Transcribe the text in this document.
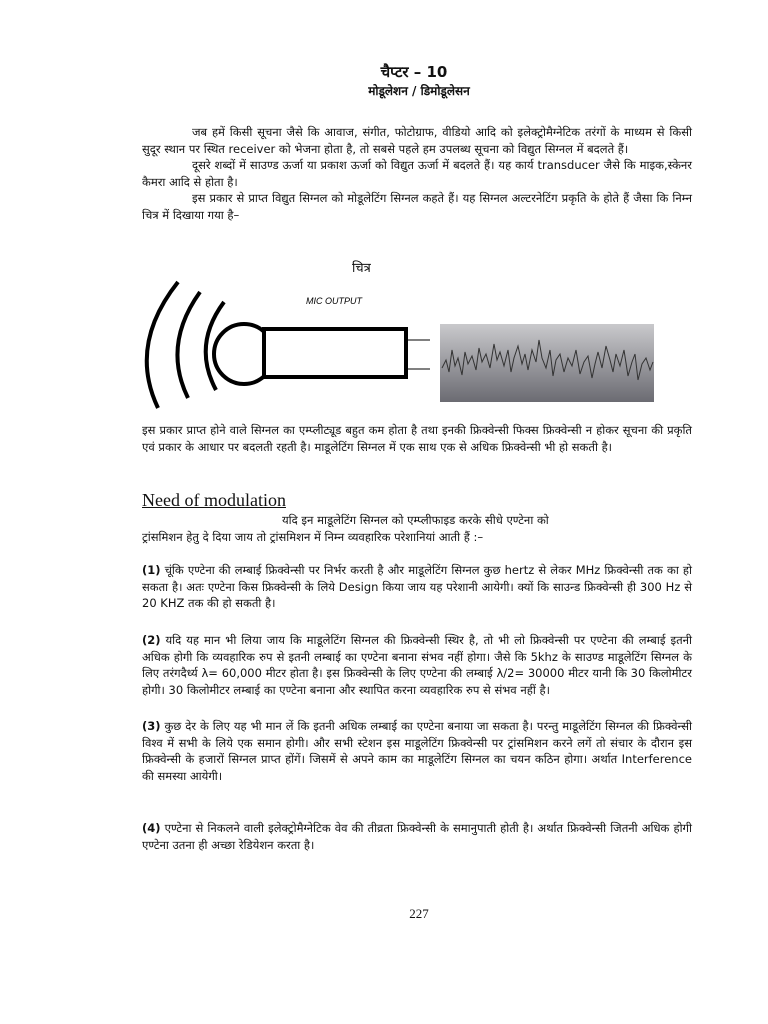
चैप्टर – 10
मोडूलेशन / डिमोडूलेसन

जब हमें किसी सूचना जैसे कि आवाज, संगीत, फोटोग्राफ, वीडियो आदि को इलेक्ट्रोमैग्नेटिक तरंगों के माध्यम से किसी सुदूर स्थान पर स्थित receiver को भेजना होता है, तो सबसे पहले हम उपलब्ध सूचना को विद्युत सिग्नल में बदलते हैं।

दूसरे शब्दों में साउण्ड ऊर्जा या प्रकाश ऊर्जा को विद्युत ऊर्जा में बदलते हैं। यह कार्य transducer जैसे कि माइक,स्केनर कैमरा आदि से होता है।

इस प्रकार से प्राप्त विद्युत सिग्नल को मोडूलेटिंग सिग्नल कहते हैं। यह सिग्नल अल्टरनेटिंग प्रकृति के होते हैं जैसा कि निम्न चित्र में दिखाया गया है–

चित्र
MIC OUTPUT

इस प्रकार प्राप्त होने वाले सिग्नल का एम्प्लीट्यूड बहुत कम होता है तथा इनकी फ्रिक्वेन्सी फिक्स फ्रिक्वेन्सी न होकर सूचना की प्रकृति एवं प्रकार के आधार पर बदलती रहती है। माडूलेटिंग सिग्नल में एक साथ एक से अधिक फ्रिक्वेन्सी भी हो सकती है।

Need of modulation

यदि इन माडूलेटिंग सिग्नल को एम्प्लीफाइड करके सीधे एण्टेना को

ट्रांसमिशन हेतु दे दिया जाय तो ट्रांसमिशन में निम्न व्यवहारिक परेशानियां आती हैं :–

(1) चूंकि एण्टेना की लम्बाई फ्रिक्वेन्सी पर निर्भर करती है और माडूलेटिंग सिग्नल कुछ hertz से लेकर MHz फ्रिक्वेन्सी तक का हो सकता है। अतः एण्टेना किस फ्रिक्वेन्सी के लिये Design किया जाय यह परेशानी आयेगी। क्यों कि साउन्ड फ्रिक्वेन्सी ही 300 Hz से 20 KHZ तक की हो सकती है।

(2) यदि यह मान भी लिया जाय कि माडूलेटिंग सिग्नल की फ्रिक्वेन्सी स्थिर है, तो भी लो फ्रिक्वेन्सी पर एण्टेना की लम्बाई इतनी अधिक होगी कि व्यवहारिक रुप से इतनी लम्बाई का एण्टेना बनाना संभव नहीं होगा। जैसे कि 5khz के साउण्ड माडूलेटिंग सिग्नल के लिए तरंगदैर्ध्य λ= 60,000 मीटर होता है। इस फ्रिक्वेन्सी के लिए एण्टेना की लम्बाई λ/2= 30000 मीटर यानी कि 30 किलोमीटर होगी। 30 किलोमीटर लम्बाई का एण्टेना बनाना और स्थापित करना व्यवहारिक रुप से संभव नहीं है।

(3) कुछ देर के लिए यह भी मान लें कि इतनी अधिक लम्बाई का एण्टेना बनाया जा सकता है। परन्तु माडूलेटिंग सिग्नल की फ्रिक्वेन्सी विश्व में सभी के लिये एक समान होगी। और सभी स्टेशन इस माडूलेटिंग फ्रिक्वेन्सी पर ट्रांसमिशन करने लगें तो संचार के दौरान इस फ्रिक्वेन्सी के हजारों सिग्नल प्राप्त होंगें। जिसमें से अपने काम का माडूलेटिंग सिग्नल का चयन कठिन होगा। अर्थात Interference की समस्या आयेगी।

(4) एण्टेना से निकलने वाली इलेक्ट्रोमैग्नेटिक वेव की तीव्रता फ्रिक्वेन्सी के समानुपाती होती है। अर्थात फ्रिक्वेन्सी जितनी अधिक होगी एण्टेना उतना ही अच्छा रेडियेशन करता है।

227
